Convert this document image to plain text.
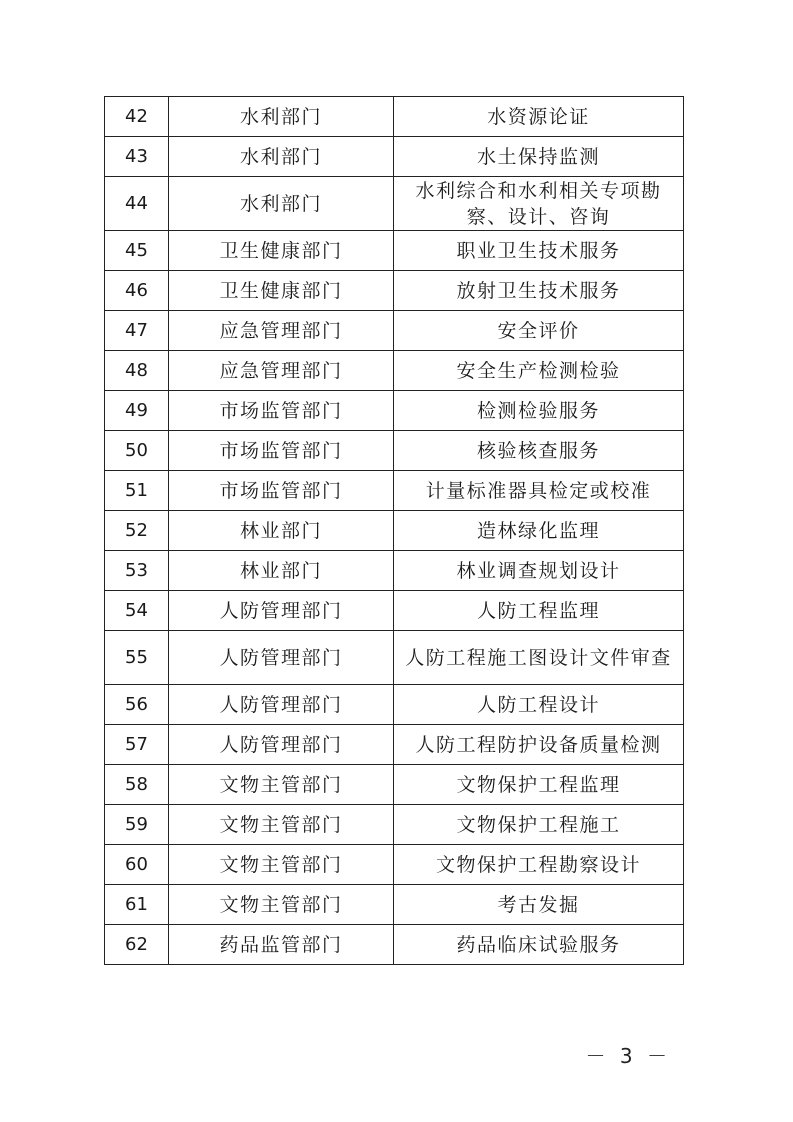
42	水利部门	水资源论证
43	水利部门	水土保持监测
44	水利部门	水利综合和水利相关专项勘察、设计、咨询
45	卫生健康部门	职业卫生技术服务
46	卫生健康部门	放射卫生技术服务
47	应急管理部门	安全评价
48	应急管理部门	安全生产检测检验
49	市场监管部门	检测检验服务
50	市场监管部门	核验核查服务
51	市场监管部门	计量标准器具检定或校准
52	林业部门	造林绿化监理
53	林业部门	林业调查规划设计
54	人防管理部门	人防工程监理
55	人防管理部门	人防工程施工图设计文件审查
56	人防管理部门	人防工程设计
57	人防管理部门	人防工程防护设备质量检测
58	文物主管部门	文物保护工程监理
59	文物主管部门	文物保护工程施工
60	文物主管部门	文物保护工程勘察设计
61	文物主管部门	考古发掘
62	药品监管部门	药品临床试验服务
－ 3 －
